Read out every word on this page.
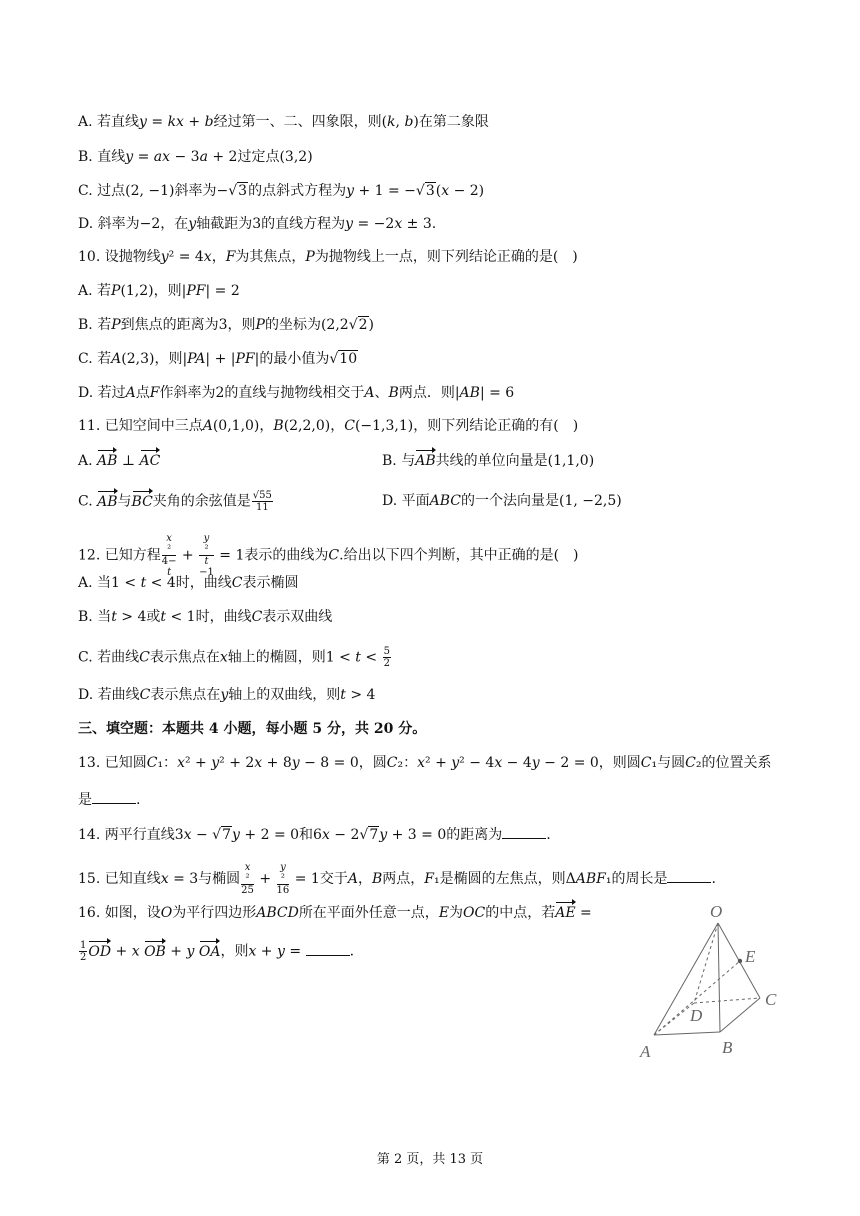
A. 若直线y = kx + b经过第一、二、四象限，则(k, b)在第二象限
B. 直线y = ax − 3a + 2过定点(3,2)
C. 过点(2, −1)斜率为−√3的点斜式方程为y + 1 = −√3(x − 2)
D. 斜率为−2，在y轴截距为3的直线方程为y = −2x ± 3.
10. 设抛物线y² = 4x，F为其焦点，P为抛物线上一点，则下列结论正确的是(　)
A. 若P(1,2)，则|PF| = 2
B. 若P到焦点的距离为3，则P的坐标为(2,2√2)
C. 若A(2,3)，则|PA| + |PF|的最小值为√10
D. 若过A点F作斜率为2的直线与抛物线相交于A、B两点．则|AB| = 6
11. 已知空间中三点A(0,1,0)，B(2,2,0)，C(−1,3,1)，则下列结论正确的有(　)
A. AB ⊥ AC	B. 与AB共线的单位向量是(1,1,0)
C. AB与BC夹角的余弦值是 $\frac{√55}{11}$	D. 平面ABC的一个法向量是(1, −2,5)
12. 已知方程 x
²
4−
t + y
²
t
−1 = 1表示的曲线为C.给出以下四个判断，其中正确的是(　)
A. 当1 < t < 4时，曲线C表示椭圆
B. 当t > 4或t < 1时，曲线C表示双曲线
C. 若曲线C表示焦点在x轴上的椭圆，则$1 < t < \frac{5}{2}$
D. 若曲线C表示焦点在y轴上的双曲线，则t > 4
三、填空题：本题共 4 小题，每小题 5 分，共 20 分。
13. 已知圆C₁：x² + y² + 2x + 8y − 8 = 0，圆C₂：x² + y² − 4x − 4y − 2 = 0，则圆C₁与圆C₂的位置关系
是	.
14. 两平行直线3x − √7y + 2 = 0和6x − 2√7y + 3 = 0的距离为	.
15. 已知直线x = 3与椭圆 x
²
25 + y
²
16 = 1交于A，B两点，F₁是椭圆的左焦点，则ΔABF₁的周长是	.
16. 如图，设O为平行四边形ABCD所在平面外任意一点，E为OC的中点，若AE =
$\frac{1}{2}$ OD + x OB + y OA，则x + y =	.
O
E
C
D
A	B
第 2 页，共 13 页
